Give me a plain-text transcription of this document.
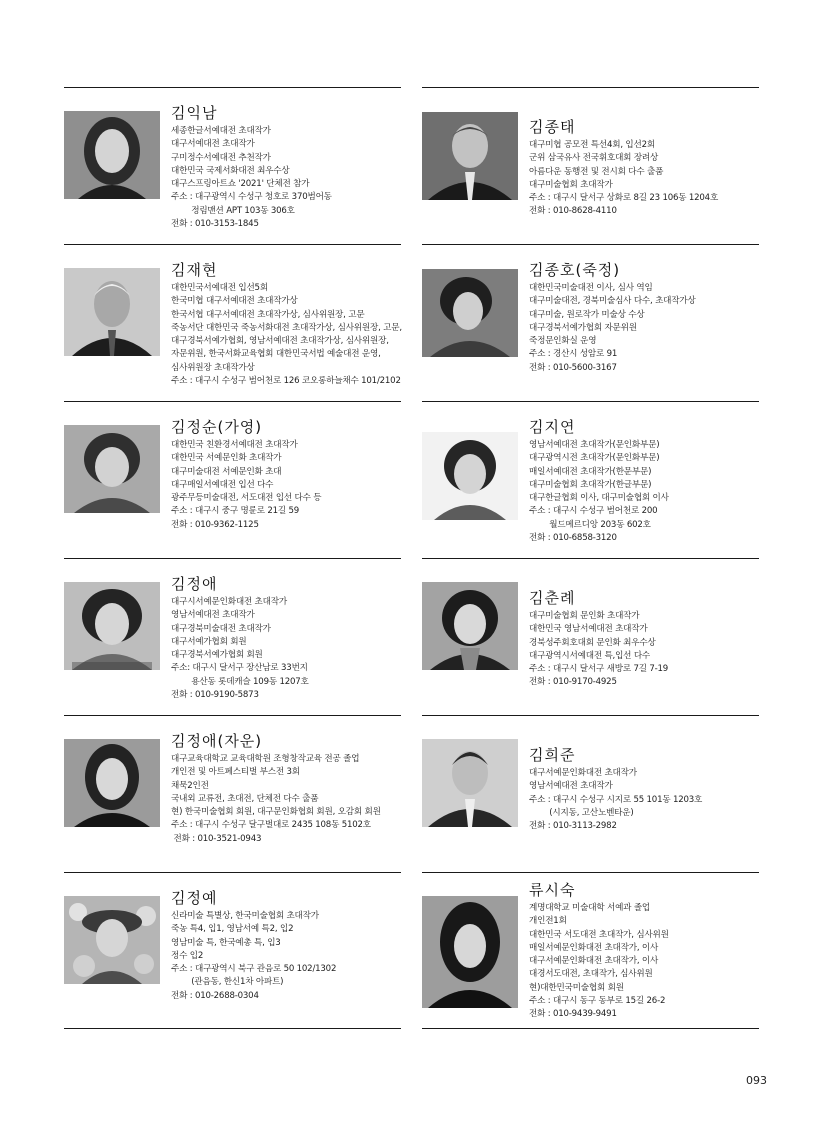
김익남
세종한글서예대전 초대작가
대구서예대전 초대작가
구미정수서예대전 추천작가
대한민국 국제서화대전 최우수상
대구스프링아트쇼 '2021' 단체전 참가
주소 : 대구광역시 수성구 청호로 370범어동
정림맨션 APT 103동 306호
전화 : 010-3153-1845
김재현
대한민국서예대전 입선5회
한국미협 대구서예대전 초대작가상
한국서협 대구서예대전 초대작가상, 심사위원장, 고문
죽농서단 대한민국 죽농서화대전 초대작가상, 심사위원장, 고문,
대구경북서예가협회, 영남서예대전 초대작가상, 심사위원장,
자문위원, 한국서화교육협회 대한민국서법 예술대전 운영,
심사위원장 초대작가상
주소 : 대구시 수성구 범어천로 126 코오롱하늘채수 101/2102
김정순(가영)
대한민국 친환경서예대전 초대작가
대한민국 서예문인화 초대작가
대구미술대전 서예문인화 초대
대구매일서예대전 입선 다수
광주무등미술대전, 서도대전 입선 다수 등
주소 : 대구시 중구 명륜로 21길 59
전화 : 010-9362-1125
김정애
대구시서예문인화대전 초대작가
영남서예대전 초대작가
대구경북미술대전 초대작가
대구서예가협회 회원
대구경북서예가협회 회원
주소: 대구시 달서구 장산남로 33번지
용산동 롯데캐슬 109동 1207호
전화 : 010-9190-5873
김정애(자운)
대구교육대학교 교육대학원 조형창작교육 전공 졸업
개인전 및 아트페스티벌 부스전 3회
채묵2인전
국내외 교류전, 초대전, 단체전 다수 출품
현) 한국미술협회 회원, 대구문인화협회 회원, 오감회 회원
주소 : 대구시 수성구 달구벌대로 2435 108동 5102호
전화 : 010-3521-0943
김정예
신라미술 특별상, 한국미술협회 초대작가
죽농 특4, 입1, 영남서예 특2, 입2
영남미술 특, 한국예총 특, 입3
정수 입2
주소 : 대구광역시 북구 관음로 50 102/1302
(관음동, 한신1차 아파트)
전화 : 010-2688-0304
김종태
대구미협 공모전 특선4회, 입선2회
군위 삼국유사 전국휘호대회 장려상
아름다운 동행전 및 전시회 다수 출품
대구미술협회 초대작가
주소 : 대구시 달서구 상화로 8길 23 106동 1204호
전화 : 010-8628-4110
김종호(죽정)
대한민국미술대전 이사, 심사 역임
대구미술대전, 경북미술심사 다수, 초대작가상
대구미술, 원로작가 미술상 수상
대구경북서예가협회 자문위원
죽정문인화실 운영
주소 : 경산시 성암로 91
전화 : 010-5600-3167
김지연
영남서예대전 초대작가(문인화부문)
대구광역시전 초대작가(문인화부문)
매일서예대전 초대작가(한문부문)
대구미술협회 초대작가(한글부문)
대구한글협회 이사, 대구미술협회 이사
주소 : 대구시 수성구 범어천로 200
월드메르디앙 203동 602호
전화 : 010-6858-3120
김춘례
대구미술협회 문인화 초대작가
대한민국 영남서예대전 초대작가
경북성주회호대회 문인화 최우수상
대구광역시서예대전 특,입선 다수
주소 : 대구시 달서구 새방로 7길 7-19
전화 : 010-9170-4925
김희준
대구서예문인화대전 초대작가
영남서예대전 초대작가
주소 : 대구시 수성구 시지로 55 101동 1203호
(시지동, 고산노벤타운)
전화 : 010-3113-2982
류시숙
계명대학교 미술대학 서예과 졸업
개인전1회
대한민국 서도대전 초대작가, 심사위원
매일서예문인화대전 초대작가, 이사
대구서예문인화대전 초대작가, 이사
대경서도대전, 초대작가, 심사위원
현)대한민국미술협회 회원
주소 : 대구시 동구 동부로 15길 26-2
전화 : 010-9439-9491
093
